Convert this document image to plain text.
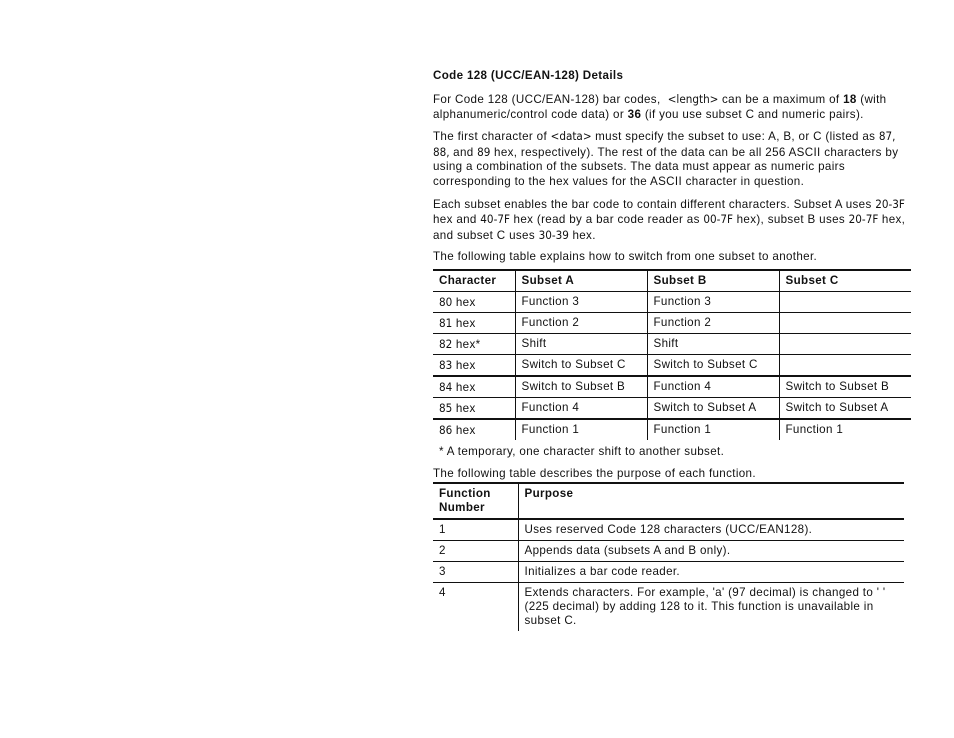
Code 128 (UCC/EAN-128) Details

For Code 128 (UCC/EAN-128) bar codes, <length> can be a maximum of 18 (with alphanumeric/control code data) or 36 (if you use subset C and numeric pairs).

The first character of <data> must specify the subset to use: A, B, or C (listed as 87, 88, and 89 hex, respectively). The rest of the data can be all 256 ASCII characters by using a combination of the subsets. The data must appear as numeric pairs corresponding to the hex values for the ASCII character in question.

Each subset enables the bar code to contain different characters. Subset A uses 20-3F hex and 40-7F hex (read by a bar code reader as 00-7F hex), subset B uses 20-7F hex, and subset C uses 30-39 hex.

The following table explains how to switch from one subset to another.

Character	Subset A	Subset B	Subset C
80 hex	Function 3	Function 3	
81 hex	Function 2	Function 2	
82 hex*	Shift	Shift	
83 hex	Switch to Subset C	Switch to Subset C	
84 hex	Switch to Subset B	Function 4	Switch to Subset B
85 hex	Function 4	Switch to Subset A	Switch to Subset A
86 hex	Function 1	Function 1	Function 1
* A temporary, one character shift to another subset.

The following table describes the purpose of each function.

Function
Number	Purpose
1	Uses reserved Code 128 characters (UCC/EAN128).
2	Appends data (subsets A and B only).
3	Initializes a bar code reader.
4	Extends characters. For example, 'a' (97 decimal) is changed to ' ' (225 decimal) by adding 128 to it. This function is unavailable in subset C.
